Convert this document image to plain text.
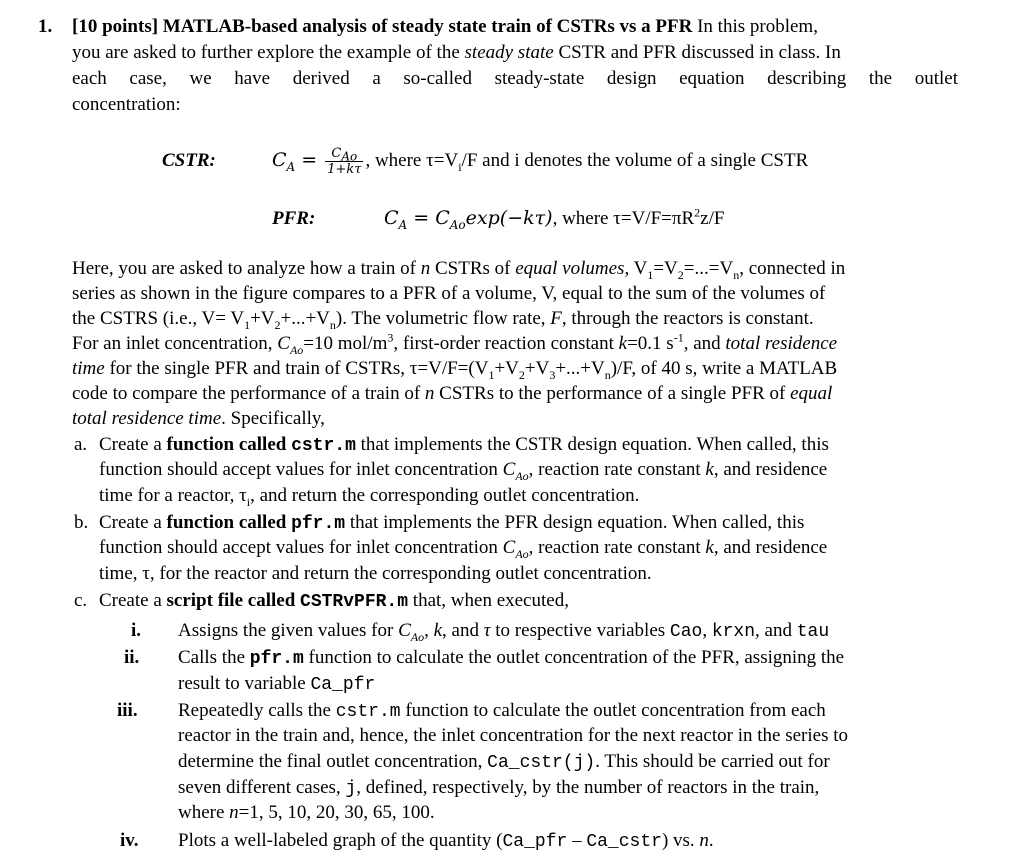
1. [10 points] MATLAB-based analysis of steady state train of CSTRs vs a PFR In this problem,
you are asked to further explore the example of the steady state CSTR and PFR discussed in class. In
each  case,  we  have  derived  a  so-called  steady-state  design  equation  describing  the  outlet
concentration:
CSTR:	$C_A = \frac{C_{Ao}}{1+k\tau}$ , where $\tau=V_i/F$ and i denotes the volume of a single CSTR
PFR:	$C_A = C_{Ao}\exp(-k\tau)$, where $\tau=V/F=\pi R^2z/F$
Here, you are asked to analyze how a train of n CSTRs of equal volumes, $V_1=V_2=...=V_n$, connected in
series as shown in the figure compares to a PFR of a volume, V, equal to the sum of the volumes of
the CSTRS (i.e., $V= V_1+V_2+...+V_n$). The volumetric flow rate, F, through the reactors is constant.
For an inlet concentration, $C_{Ao}=10$ mol/$m^3$, first-order reaction constant k=0.1 $s^{-1}$, and total residence
time for the single PFR and train of CSTRs, $\tau=V/F=(V_1+V_2+V_3+...+V_n)/F$, of 40 s, write a MATLAB
code to compare the performance of a train of n CSTRs to the performance of a single PFR of equal
total residence time. Specifically,
a. Create a function called cstr.m that implements the CSTR design equation. When called, this
function should accept values for inlet concentration $C_{Ao}$, reaction rate constant k, and residence
time for a reactor, $\tau_i$, and return the corresponding outlet concentration.
b. Create a function called pfr.m that implements the PFR design equation. When called, this
function should accept values for inlet concentration $C_{Ao}$, reaction rate constant k, and residence
time, τ, for the reactor and return the corresponding outlet concentration.
c. Create a script file called CSTRvPFR.m that, when executed,
i. Assigns the given values for $C_{Ao}$, k, and τ to respective variables Cao, krxn, and tau
ii. Calls the pfr.m function to calculate the outlet concentration of the PFR, assigning the
result to variable Ca_pfr
iii. Repeatedly calls the cstr.m function to calculate the outlet concentration from each
reactor in the train and, hence, the inlet concentration for the next reactor in the series to
determine the final outlet concentration, Ca_cstr(j). This should be carried out for
seven different cases, j, defined, respectively, by the number of reactors in the train,
where n=1, 5, 10, 20, 30, 65, 100.
iv. Plots a well-labeled graph of the quantity (Ca_pfr – Ca_cstr) vs. n.
